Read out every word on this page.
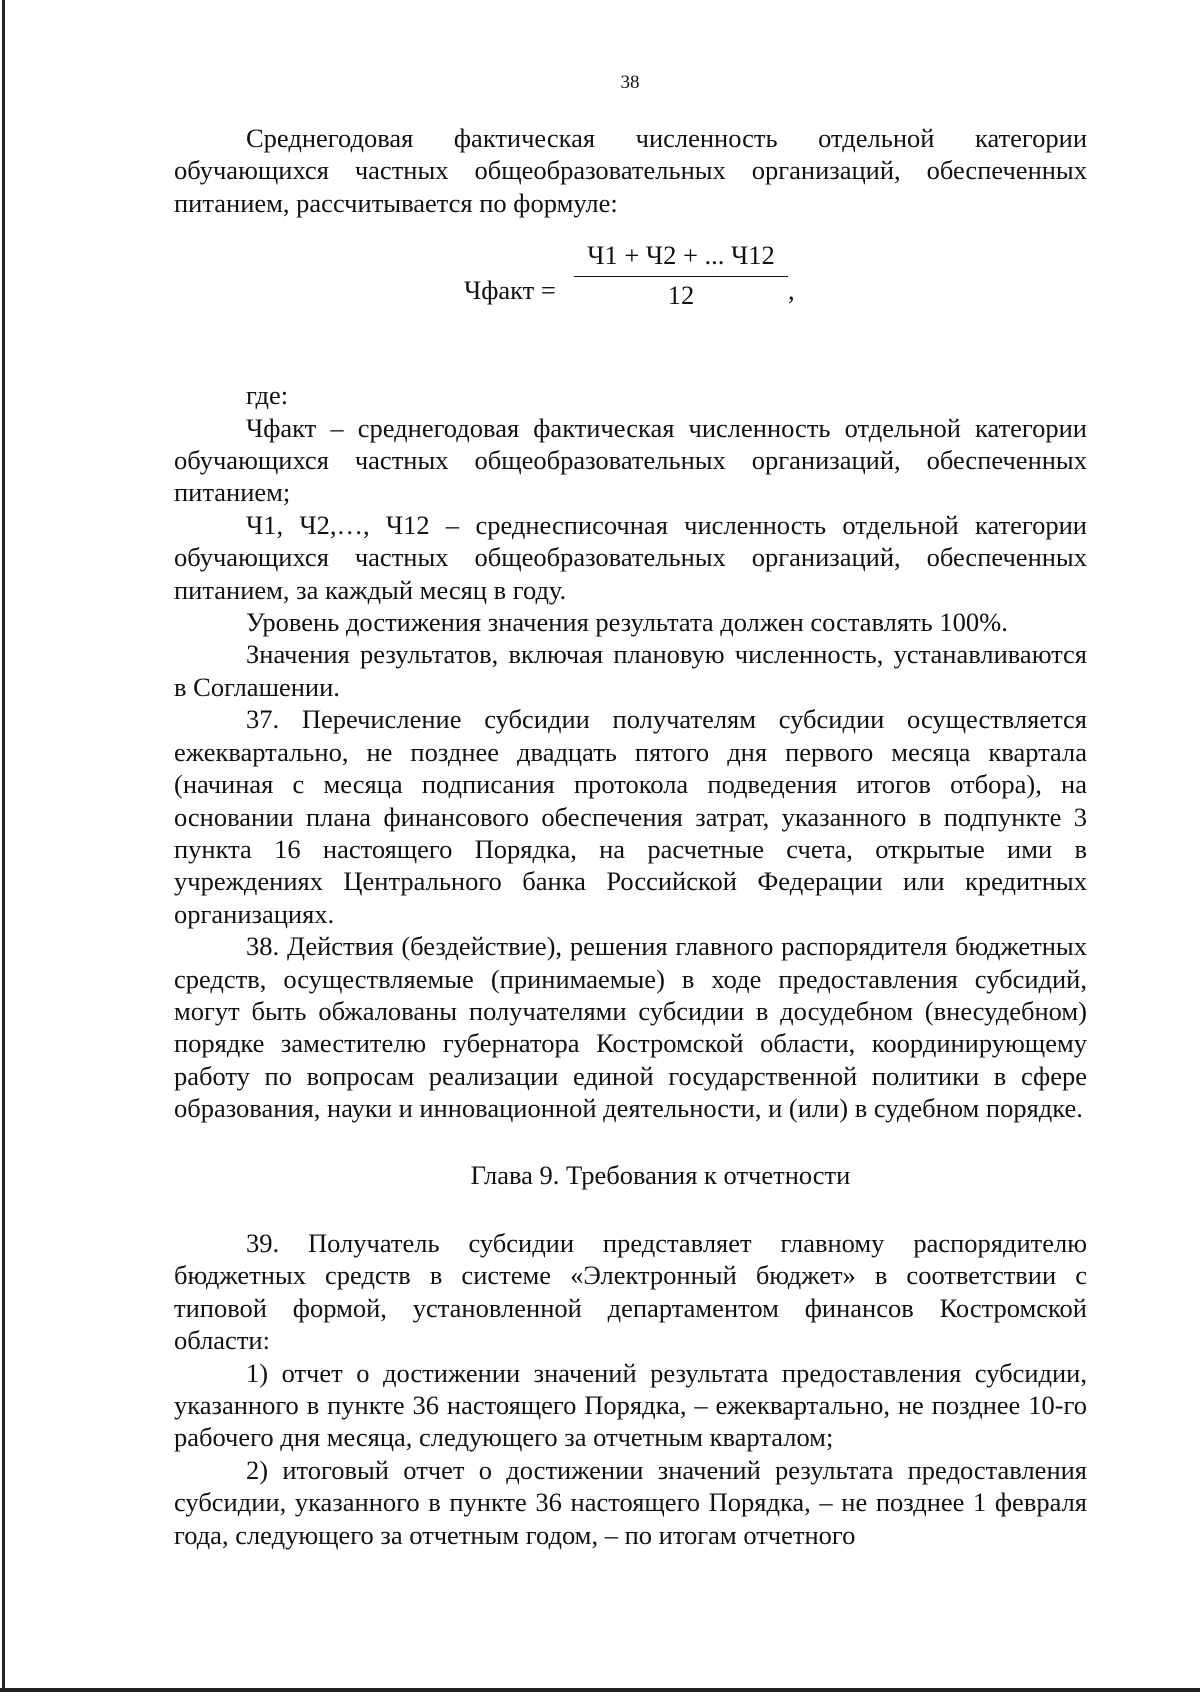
38

Среднегодовая фактическая численность отдельной категории обучающихся частных общеобразовательных организаций, обеспеченных питанием, рассчитывается по формуле:

Чфакт =
Ч1 + Ч2 + ... Ч12
12	,

где:

Чфакт – среднегодовая фактическая численность отдельной категории обучающихся частных общеобразовательных организаций, обеспеченных питанием;

Ч1, Ч2,…, Ч12 – среднесписочная численность отдельной категории обучающихся частных общеобразовательных организаций, обеспеченных питанием, за каждый месяц в году.

Уровень достижения значения результата должен составлять 100%.

Значения результатов, включая плановую численность, устанавливаются в Соглашении.

37. Перечисление субсидии получателям субсидии осуществляется ежеквартально, не позднее двадцать пятого дня первого месяца квартала (начиная с месяца подписания протокола подведения итогов отбора), на основании плана финансового обеспечения затрат, указанного в подпункте 3 пункта 16 настоящего Порядка, на расчетные счета, открытые ими в учреждениях Центрального банка Российской Федерации или кредитных организациях.

38. Действия (бездействие), решения главного распорядителя бюджетных средств, осуществляемые (принимаемые) в ходе предоставления субсидий, могут быть обжалованы получателями субсидии в досудебном (внесудебном) порядке заместителю губернатора Костромской области, координирующему работу по вопросам реализации единой государственной политики в сфере образования, науки и инновационной деятельности, и (или) в судебном порядке.

Глава 9. Требования к отчетности

39. Получатель субсидии представляет главному распорядителю бюджетных средств в системе «Электронный бюджет» в соответствии с типовой формой, установленной департаментом финансов Костромской области:

1) отчет о достижении значений результата предоставления субсидии, указанного в пункте 36 настоящего Порядка, – ежеквартально, не позднее 10-го рабочего дня месяца, следующего за отчетным кварталом;

2) итоговый отчет о достижении значений результата предоставления субсидии, указанного в пункте 36 настоящего Порядка, – не позднее 1 февраля года, следующего за отчетным годом, – по итогам отчетного
